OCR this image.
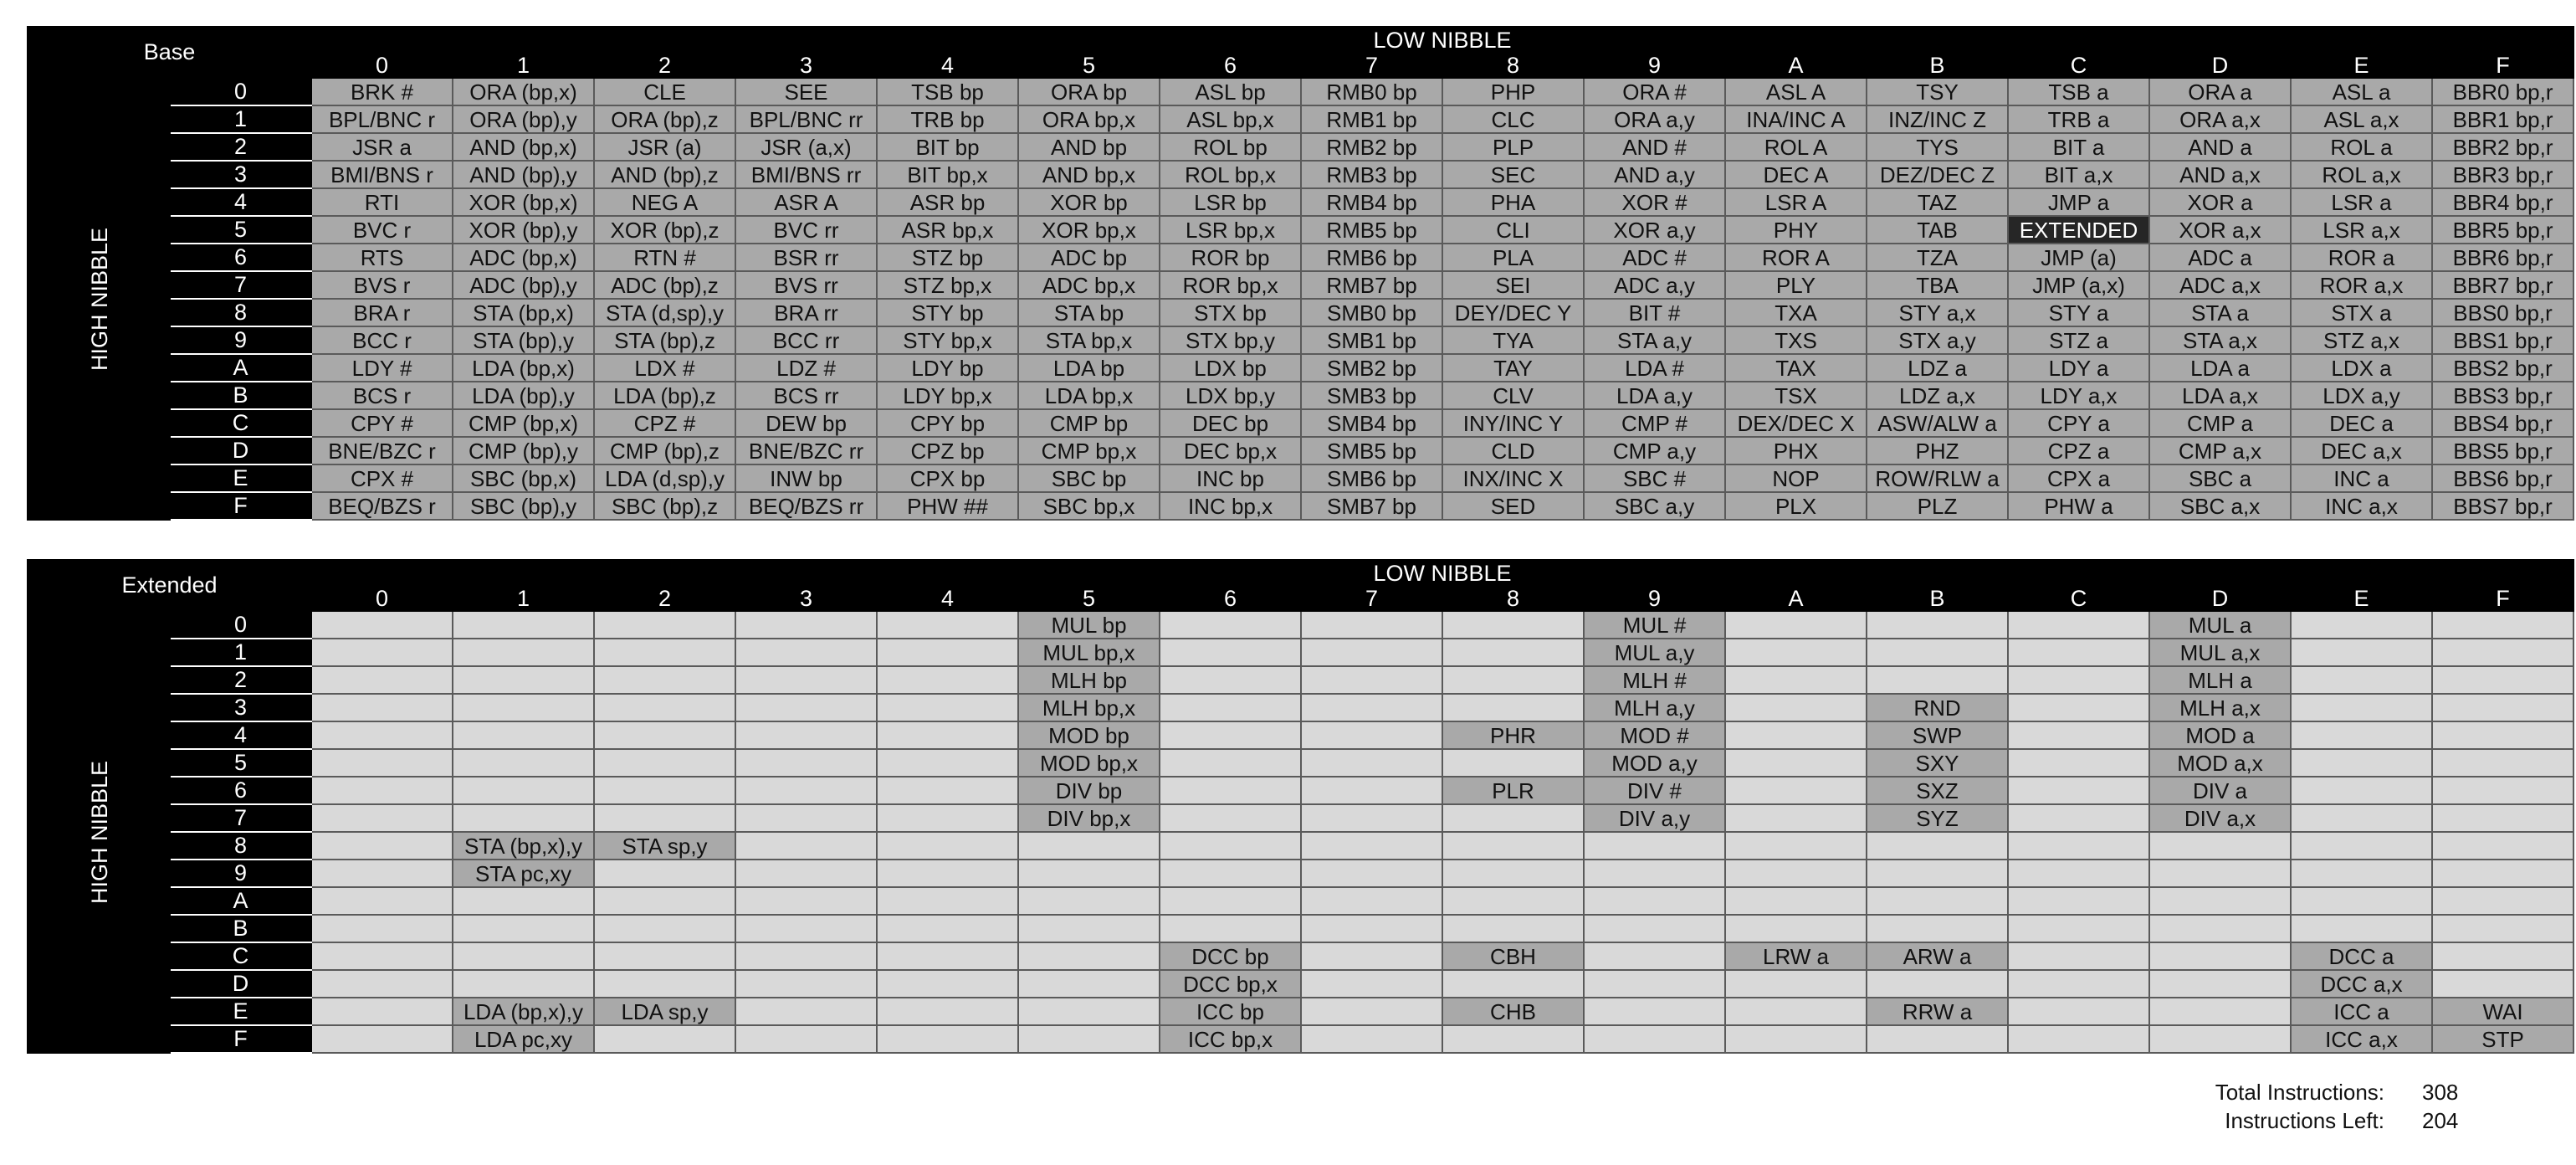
Base		LOW NIBBLE															
		0	1	2	3	4	5	6	7	8	9	A	B	C	D	E	F
HIGH NIBBLE	0	BRK #	ORA (bp,x)	CLE	SEE	TSB bp	ORA bp	ASL bp	RMB0 bp	PHP	ORA #	ASL A	TSY	TSB a	ORA a	ASL a	BBR0 bp,r
	1	BPL/BNC r	ORA (bp),y	ORA (bp),z	BPL/BNC rr	TRB bp	ORA bp,x	ASL bp,x	RMB1 bp	CLC	ORA a,y	INA/INC A	INZ/INC Z	TRB a	ORA a,x	ASL a,x	BBR1 bp,r
	2	JSR a	AND (bp,x)	JSR (a)	JSR (a,x)	BIT bp	AND bp	ROL bp	RMB2 bp	PLP	AND #	ROL A	TYS	BIT a	AND a	ROL a	BBR2 bp,r
	3	BMI/BNS r	AND (bp),y	AND (bp),z	BMI/BNS rr	BIT bp,x	AND bp,x	ROL bp,x	RMB3 bp	SEC	AND a,y	DEC A	DEZ/DEC Z	BIT a,x	AND a,x	ROL a,x	BBR3 bp,r
	4	RTI	XOR (bp,x)	NEG A	ASR A	ASR bp	XOR bp	LSR bp	RMB4 bp	PHA	XOR #	LSR A	TAZ	JMP a	XOR a	LSR a	BBR4 bp,r
	5	BVC r	XOR (bp),y	XOR (bp),z	BVC rr	ASR bp,x	XOR bp,x	LSR bp,x	RMB5 bp	CLI	XOR a,y	PHY	TAB	EXTENDED	XOR a,x	LSR a,x	BBR5 bp,r
	6	RTS	ADC (bp,x)	RTN #	BSR rr	STZ bp	ADC bp	ROR bp	RMB6 bp	PLA	ADC #	ROR A	TZA	JMP (a)	ADC a	ROR a	BBR6 bp,r
	7	BVS r	ADC (bp),y	ADC (bp),z	BVS rr	STZ bp,x	ADC bp,x	ROR bp,x	RMB7 bp	SEI	ADC a,y	PLY	TBA	JMP (a,x)	ADC a,x	ROR a,x	BBR7 bp,r
	8	BRA r	STA (bp,x)	STA (d,sp),y	BRA rr	STY bp	STA bp	STX bp	SMB0 bp	DEY/DEC Y	BIT #	TXA	STY a,x	STY a	STA a	STX a	BBS0 bp,r
	9	BCC r	STA (bp),y	STA (bp),z	BCC rr	STY bp,x	STA bp,x	STX bp,y	SMB1 bp	TYA	STA a,y	TXS	STX a,y	STZ a	STA a,x	STZ a,x	BBS1 bp,r
	A	LDY #	LDA (bp,x)	LDX #	LDZ #	LDY bp	LDA bp	LDX bp	SMB2 bp	TAY	LDA #	TAX	LDZ a	LDY a	LDA a	LDX a	BBS2 bp,r
	B	BCS r	LDA (bp),y	LDA (bp),z	BCS rr	LDY bp,x	LDA bp,x	LDX bp,y	SMB3 bp	CLV	LDA a,y	TSX	LDZ a,x	LDY a,x	LDA a,x	LDX a,y	BBS3 bp,r
	C	CPY #	CMP (bp,x)	CPZ #	DEW bp	CPY bp	CMP bp	DEC bp	SMB4 bp	INY/INC Y	CMP #	DEX/DEC X	ASW/ALW a	CPY a	CMP a	DEC a	BBS4 bp,r
	D	BNE/BZC r	CMP (bp),y	CMP (bp),z	BNE/BZC rr	CPZ bp	CMP bp,x	DEC bp,x	SMB5 bp	CLD	CMP a,y	PHX	PHZ	CPZ a	CMP a,x	DEC a,x	BBS5 bp,r
	E	CPX #	SBC (bp,x)	LDA (d,sp),y	INW bp	CPX bp	SBC bp	INC bp	SMB6 bp	INX/INC X	SBC #	NOP	ROW/RLW a	CPX a	SBC a	INC a	BBS6 bp,r
	F	BEQ/BZS r	SBC (bp),y	SBC (bp),z	BEQ/BZS rr	PHW ##	SBC bp,x	INC bp,x	SMB7 bp	SED	SBC a,y	PLX	PLZ	PHW a	SBC a,x	INC a,x	BBS7 bp,r
Extended		LOW NIBBLE															
		0	1	2	3	4	5	6	7	8	9	A	B	C	D	E	F
HIGH NIBBLE	0						MUL bp				MUL #				MUL a		
	1						MUL bp,x				MUL a,y				MUL a,x		
	2						MLH bp				MLH #				MLH a		
	3						MLH bp,x				MLH a,y		RND		MLH a,x		
	4						MOD bp			PHR	MOD #		SWP		MOD a		
	5						MOD bp,x				MOD a,y		SXY		MOD a,x		
	6						DIV bp			PLR	DIV #		SXZ		DIV a		
	7						DIV bp,x				DIV a,y		SYZ		DIV a,x		
	8		STA (bp,x),y	STA sp,y													
	9		STA pc,xy														
	A																
	B																
	C							DCC bp		CBH		LRW a	ARW a			DCC a	
	D							DCC bp,x								DCC a,x	
	E		LDA (bp,x),y	LDA sp,y				ICC bp		CHB			RRW a			ICC a	WAI
	F		LDA pc,xy					ICC bp,x								ICC a,x	STP
Total Instructions: 308
Instructions Left: 204
